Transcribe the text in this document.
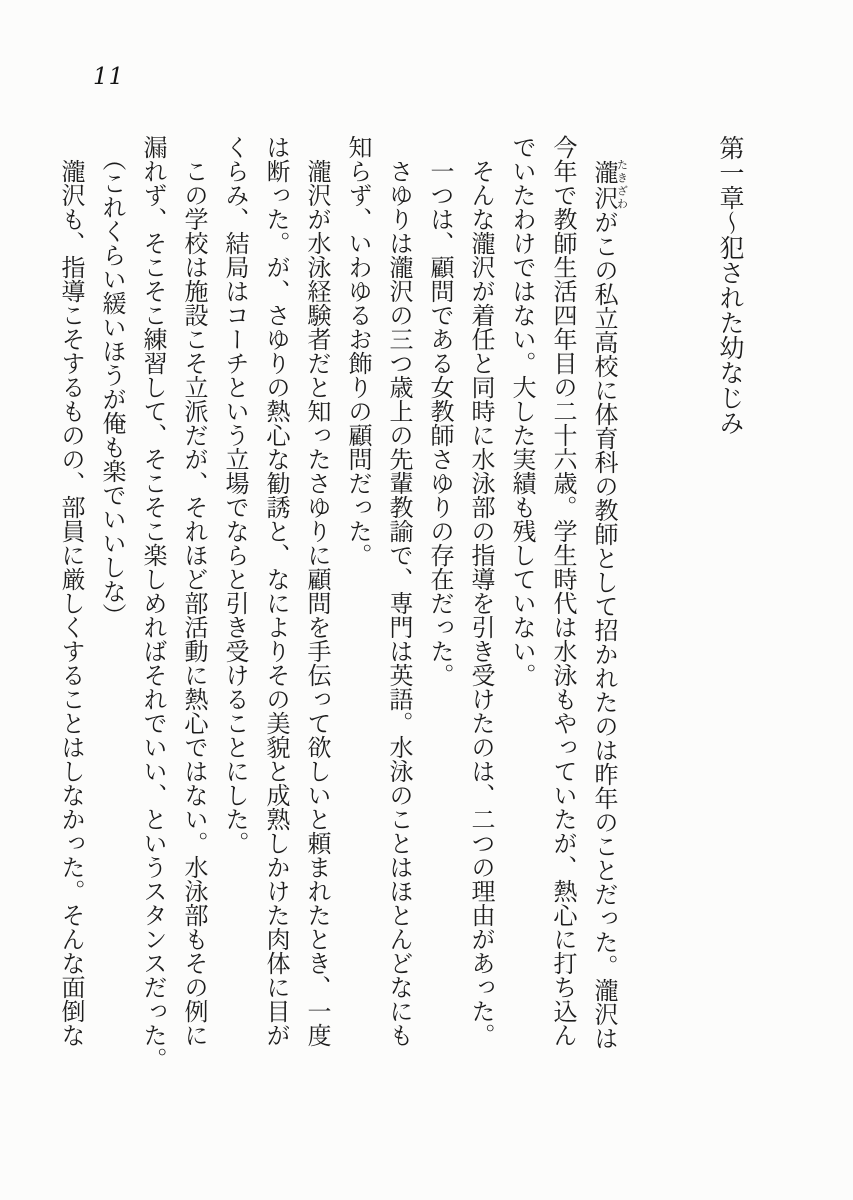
11
第一章～犯された幼なじみ

瀧沢たきざわがこの私立高校に体育科の教師として招かれたのは昨年のことだった。瀧沢は

今年で教師生活四年目の二十六歳。学生時代は水泳もやっていたが、熱心に打ち込ん

でいたわけではない。大した実績も残していない。

そんな瀧沢が着任と同時に水泳部の指導を引き受けたのは、二つの理由があった。

一つは、顧問である女教師さゆりの存在だった。

さゆりは瀧沢の三つ歳上の先輩教諭で、専門は英語。水泳のことはほとんどなにも

知らず、いわゆるお飾りの顧問だった。

瀧沢が水泳経験者だと知ったさゆりに顧問を手伝って欲しいと頼まれたとき、一度

は断った。が、さゆりの熱心な勧誘と、なによりその美貌と成熟しかけた肉体に目が

くらみ、結局はコーチという立場でならと引き受けることにした。

この学校は施設こそ立派だが、それほど部活動に熱心ではない。水泳部もその例に

漏れず、そこそこ練習して、そこそこ楽しめればそれでいい、というスタンスだった。

（これくらい緩いほうが俺も楽でいいしな）

瀧沢も、指導こそするものの、部員に厳しくすることはしなかった。そんな面倒な
